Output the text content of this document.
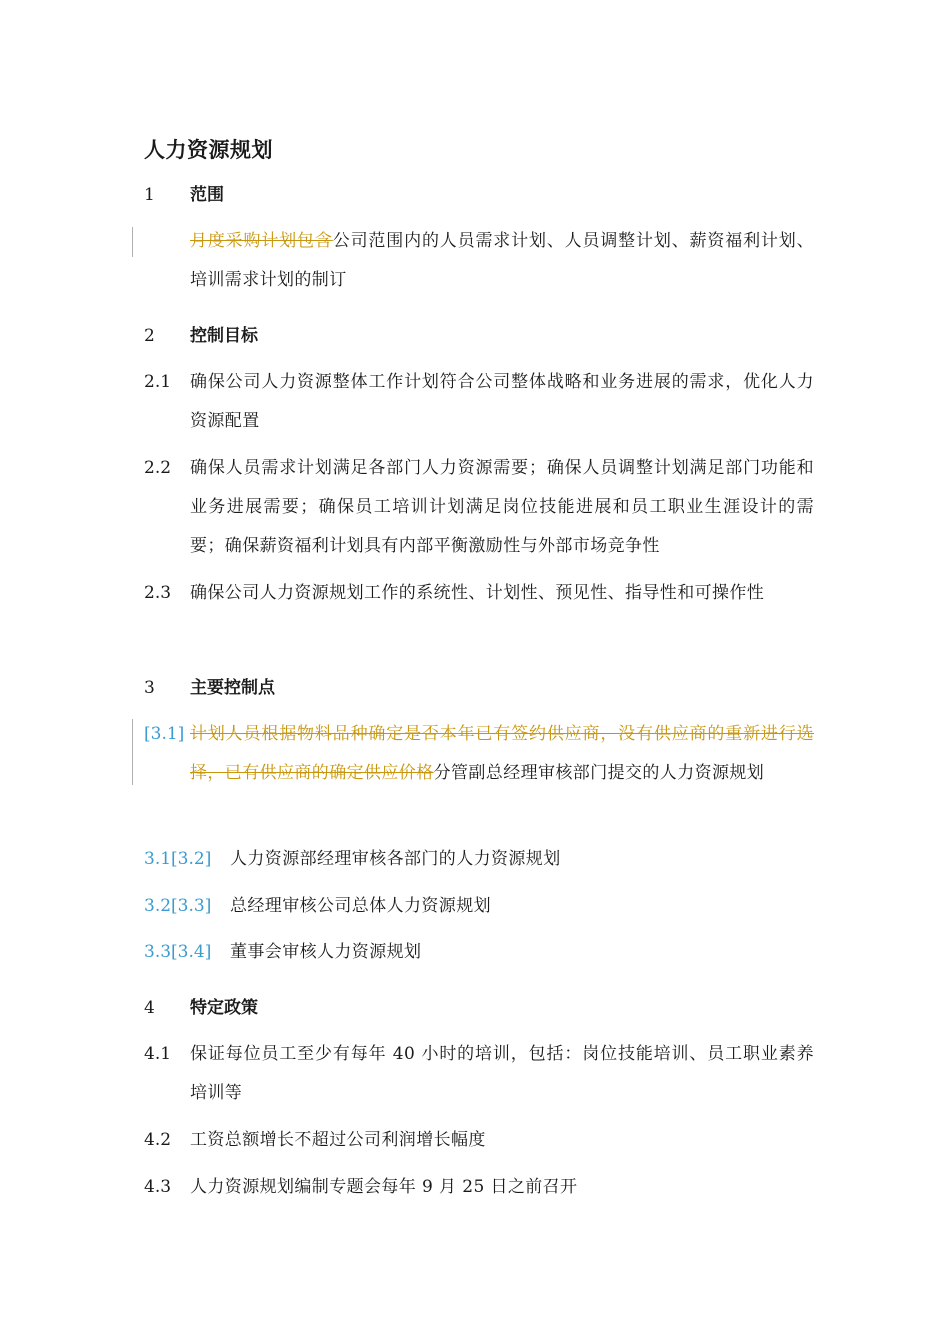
人力资源规划
1 范围
月度采购计划包含公司范围内的人员需求计划、人员调整计划、薪资福利计划、培训需求计划的制订
2 控制目标
2.1	确保公司人力资源整体工作计划符合公司整体战略和业务进展的需求，优化人力资源配置
2.2	确保人员需求计划满足各部门人力资源需要；确保人员调整计划满足部门功能和业务进展需要；确保员工培训计划满足岗位技能进展和员工职业生涯设计的需要；确保薪资福利计划具有内部平衡激励性与外部市场竞争性
2.3	确保公司人力资源规划工作的系统性、计划性、预见性、指导性和可操作性
3 主要控制点
[3.1] 计划人员根据物料品种确定是否本年已有签约供应商，没有供应商的重新进行选择，已有供应商的确定供应价格分管副总经理审核部门提交的人力资源规划
3.1[3.2] 人力资源部经理审核各部门的人力资源规划
3.2[3.3] 总经理审核公司总体人力资源规划
3.3[3.4] 董事会审核人力资源规划
4 特定政策
4.1	保证每位员工至少有每年 40 小时的培训，包括：岗位技能培训、员工职业素养培训等
4.2	工资总额增长不超过公司利润增长幅度
4.3	人力资源规划编制专题会每年 9 月 25 日之前召开
